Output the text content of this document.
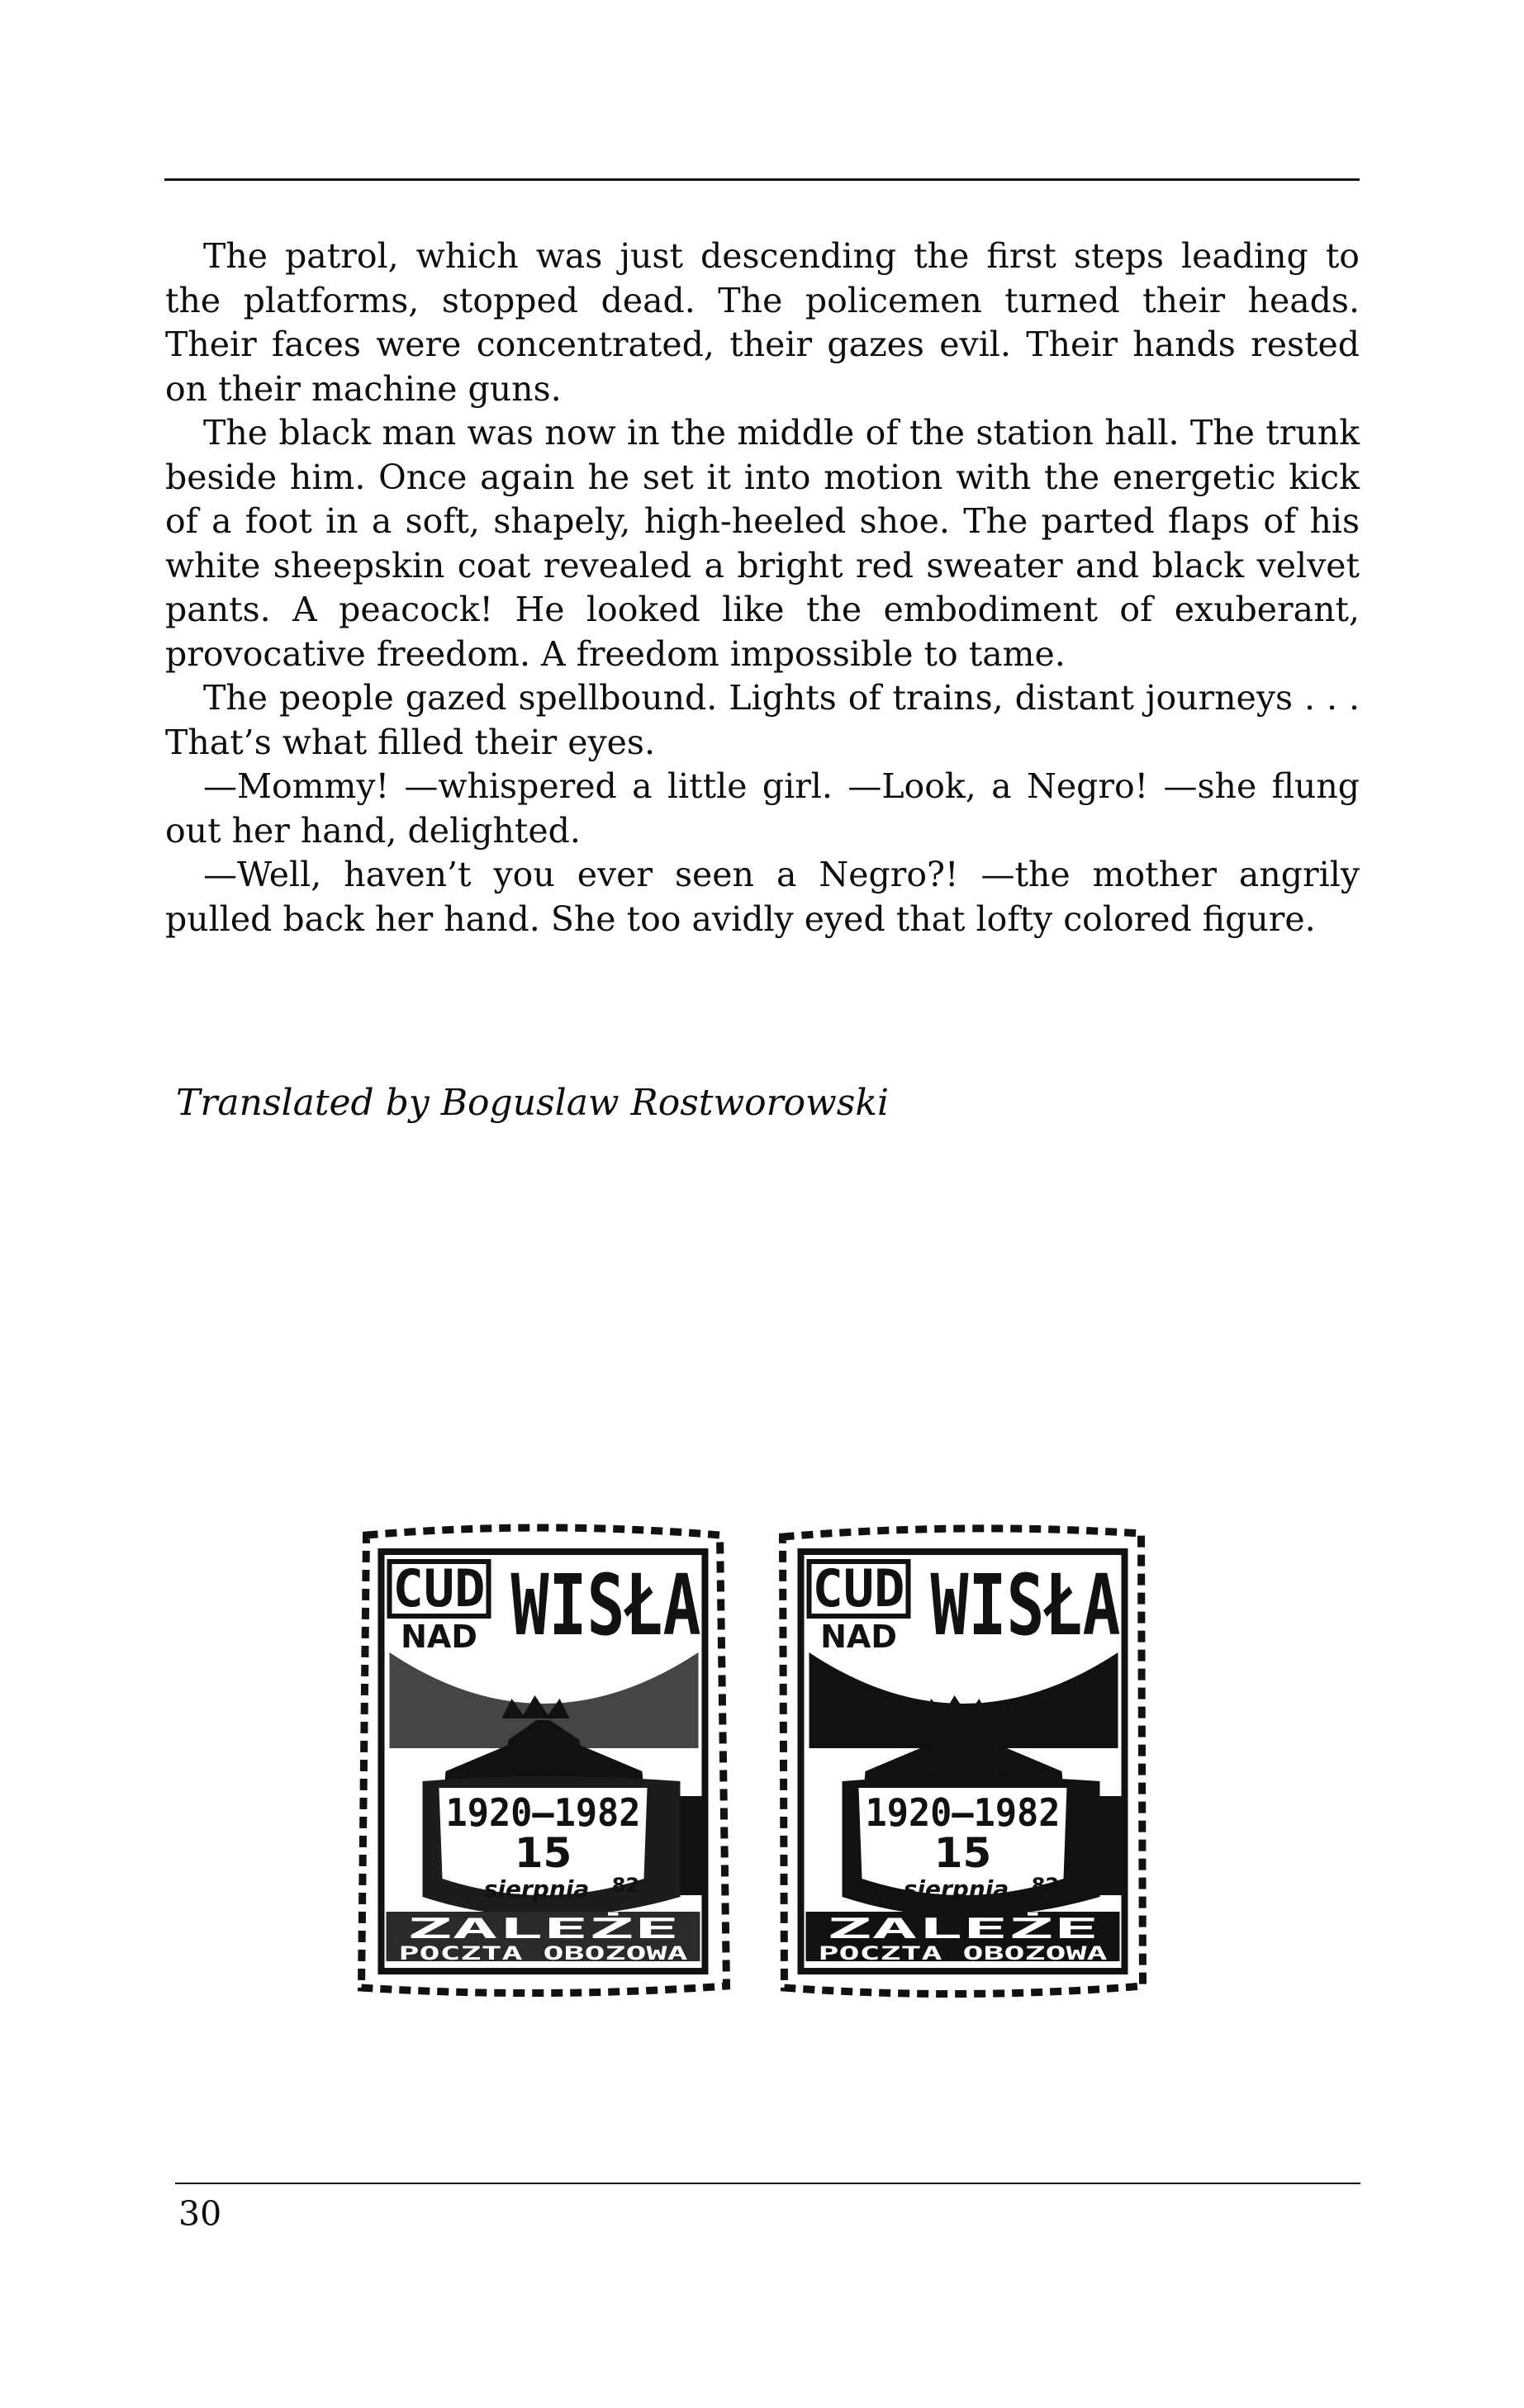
The patrol, which was just descending the first steps leading to the platforms, stopped dead. The policemen turned their heads. Their faces were concentrated, their gazes evil. Their hands rested on their machine guns.

The black man was now in the middle of the station hall. The trunk beside him. Once again he set it into motion with the energetic kick of a foot in a soft, shapely, high-heeled shoe. The parted flaps of his white sheepskin coat revealed a bright red sweater and black velvet pants. A peacock! He looked like the embodiment of exuberant, provocative freedom. A freedom impossible to tame.

The people gazed spellbound. Lights of trains, distant journeys . . . That’s what filled their eyes.

—Mommy! —whispered a little girl. —Look, a Negro! —she flung out her hand, delighted.

—Well, haven’t you ever seen a Negro?! —the mother angrily pulled back her hand. She too avidly eyed that lofty colored figure.

Translated by Boguslaw Rostworowski

CUD
NAD WISŁA
1920–1982
15
sierpnia 82
ZALEŻE
POCZTA OBOZOWA
CUD
NAD WISŁA
1920–1982
15
sierpnia 82
ZALEŻE
POCZTA OBOZOWA

30
